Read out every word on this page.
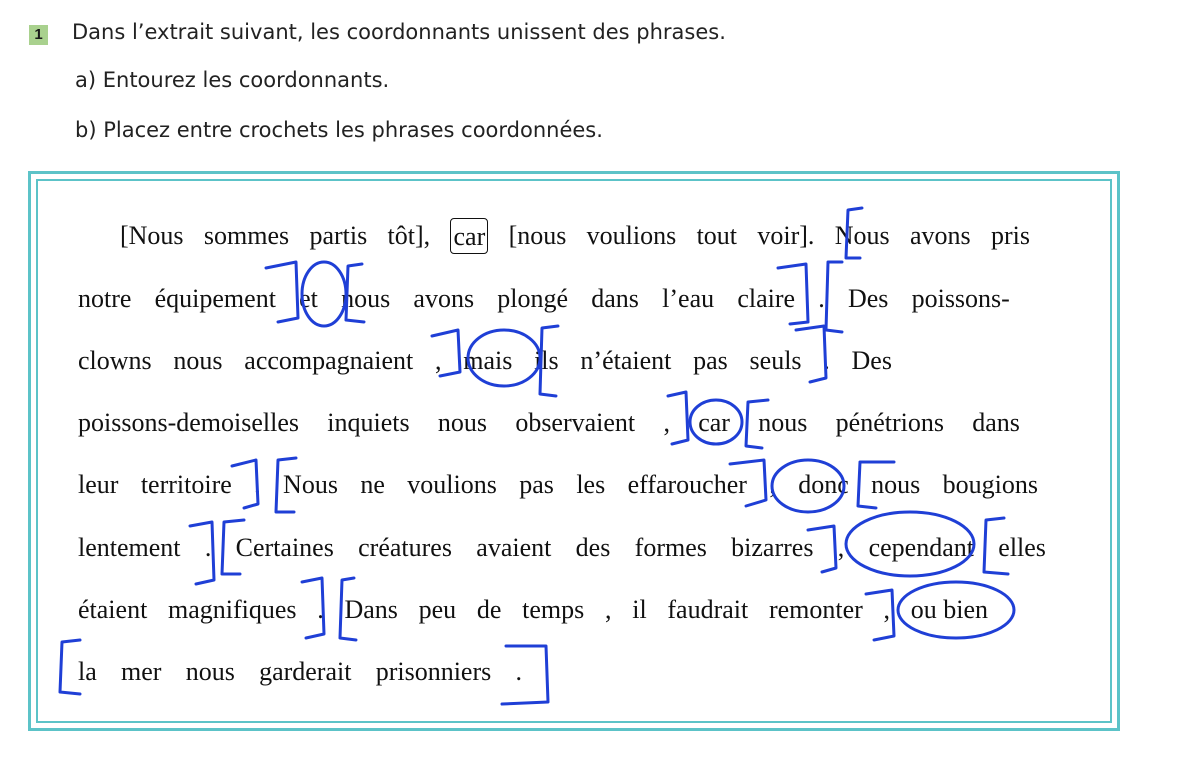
1 Dans l’extrait suivant, les coordonnants unissent des phrases.
a) Entourez les coordonnants.
b) Placez entre crochets les phrases coordonnées.
[Nous sommes partis tôt], car [nous voulions tout voir]. Nous avons pris
notre équipement et nous avons plongé dans l’eau claire . Des poissons-
clowns nous accompagnaient , mais ils n’étaient pas seuls . Des
poissons-demoiselles inquiets nous observaient , car nous pénétrions dans
leur territoire . Nous ne voulions pas les effaroucher , donc nous bougions
lentement . Certaines créatures avaient des formes bizarres , cependant elles
étaient magnifiques . Dans peu de temps , il faudrait remonter , ou bien
la mer nous garderait prisonniers .
